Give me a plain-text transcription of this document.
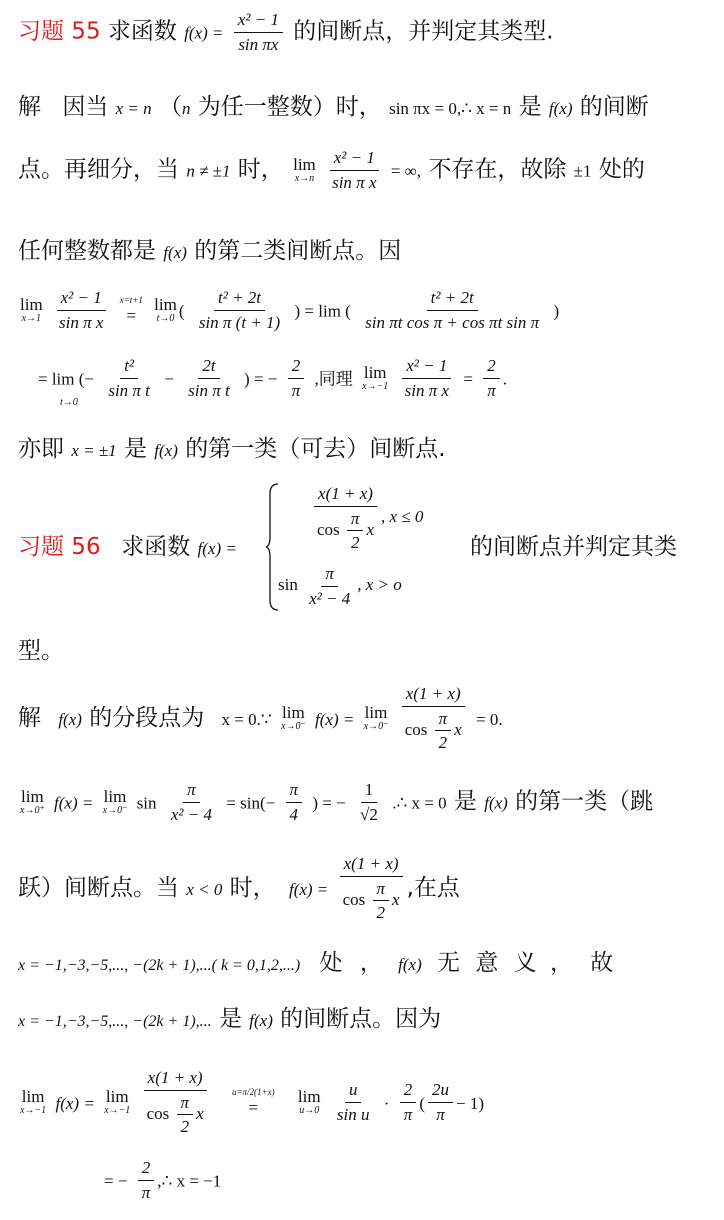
习题 55 求函数 $f(x) = \frac{\text{x² − 1}}{\text{sin πx}}$ 的间断点，并判定其类型.
解 因当 x = n （n 为任一整数）时， sin πx = 0,∴ x = n 是 f(x) 的间断
点。再细分，当 n ≠ ±1 时， lim
x→n
$\frac{\text{x² − 1}}{\text{sin π x}}$ = ∞, 不存在，故除 ±1 处的
任何整数都是 f(x) 的第二类间断点。因
lim
x→1
$\frac{\text{x² − 1}}{\text{sin π x}}$
x=t+1
=

lim
t→0 ( $\frac{\text{t² + 2t}}{\text{sin π (t + 1)}}$ ) = lim ( $\frac{\text{t² + 2t}}{\text{sin πt cos π + cos πt sin π}}$ )
= lim (− $\frac{\text{t²}}{\text{sin π t}} - \frac{2t}{\text{sin π t}}$ ) = − $\frac{2}{\pi}$ ,同理 lim
x→−1
$\frac{\text{x² − 1}}{\text{sin π x}} = \frac{2}{\pi}$ .
t→0
亦即 x = ±1 是 f(x) 的第一类（可去）间断点.
习题 56 求函数 f(x) =	$\frac{x(1 + x)}{\cos \frac{\pi}{2} x}$ , x ≤ 0
$\sin \frac{\pi}{\text{x² − 4}}$ , x > o
的间断点并判定其类
型。
解 f(x) 的分段点为 x = 0.∵ lim
x→0⁻ f(x) = lim
x→0⁻
$\frac{x(1 + x)}{\cos \frac{\pi}{2} x} = 0$.
lim
x→0⁺ f(x) = lim
x→0⁻ $\sin \frac{\pi}{\text{x² − 4}} = \sin(- \frac{\pi}{4}$ ) = − $\frac{1}{√2}$ .∴ x = 0 是 f(x) 的第一类（跳
跃）间断点。当 x < 0 时， $f(x) = \frac{x(1 + x)}{\cos \frac{\pi}{2} x}$ ,在点
x = −1,−3,−5,..., −(2k + 1),...( k = 0,1,2,...) 处 ， f(x) 无 意 义 ， 故
x = −1,−3,−5,..., −(2k + 1),... 是 f(x) 的间断点。因为
lim
x→−1 f(x) = lim
x→−1
$\frac{x(1 + x)}{\cos \frac{\pi}{2} x}$
	u=π/2(1+x)
=

lim
u→0
$\frac{u}{\text{sin u}} \cdot \frac{2}{\pi}$ ( $\frac{2u}{\pi} - 1$)
= − $\frac{2}{\pi}$ ,∴ x = −1
